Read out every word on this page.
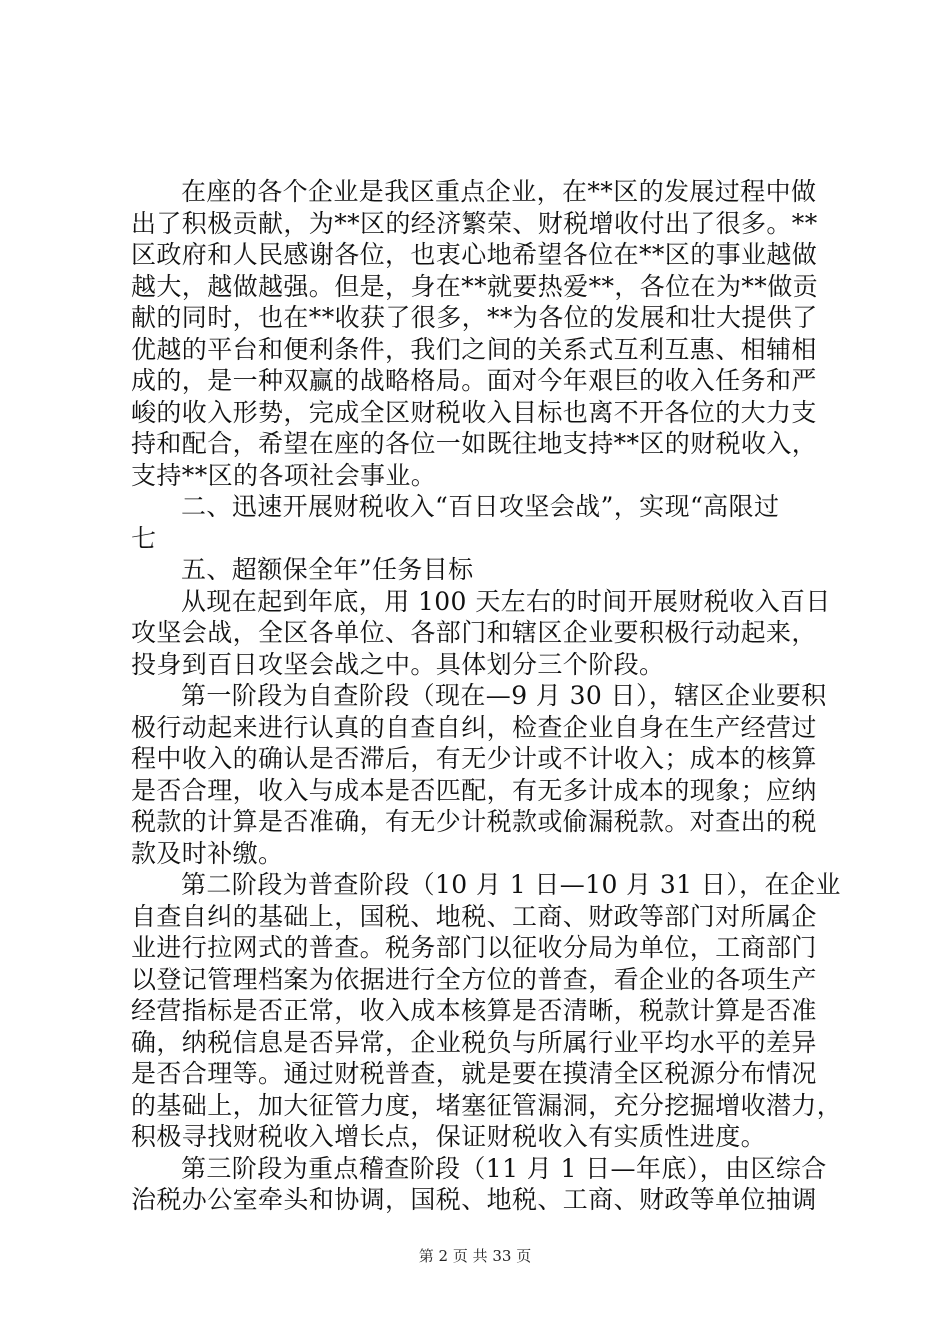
在座的各个企业是我区重点企业，在**区的发展过程中做
出了积极贡献，为**区的经济繁荣、财税增收付出了很多。**
区政府和人民感谢各位，也衷心地希望各位在**区的事业越做
越大，越做越强。但是，身在**就要热爱**，各位在为**做贡
献的同时，也在**收获了很多，**为各位的发展和壮大提供了
优越的平台和便利条件，我们之间的关系式互利互惠、相辅相
成的，是一种双赢的战略格局。面对今年艰巨的收入任务和严
峻的收入形势，完成全区财税收入目标也离不开各位的大力支
持和配合，希望在座的各位一如既往地支持**区的财税收入，
支持**区的各项社会事业。
二、迅速开展财税收入“百日攻坚会战”，实现“高限过
七
五、超额保全年”任务目标
从现在起到年底，用 100 天左右的时间开展财税收入百日
攻坚会战，全区各单位、各部门和辖区企业要积极行动起来，
投身到百日攻坚会战之中。具体划分三个阶段。
第一阶段为自查阶段（现在—9 月 30 日），辖区企业要积
极行动起来进行认真的自查自纠，检查企业自身在生产经营过
程中收入的确认是否滞后，有无少计或不计收入；成本的核算
是否合理，收入与成本是否匹配，有无多计成本的现象；应纳
税款的计算是否准确，有无少计税款或偷漏税款。对查出的税
款及时补缴。
第二阶段为普查阶段（10 月 1 日—10 月 31 日），在企业
自查自纠的基础上，国税、地税、工商、财政等部门对所属企
业进行拉网式的普查。税务部门以征收分局为单位，工商部门
以登记管理档案为依据进行全方位的普查，看企业的各项生产
经营指标是否正常，收入成本核算是否清晰，税款计算是否准
确，纳税信息是否异常，企业税负与所属行业平均水平的差异
是否合理等。通过财税普查，就是要在摸清全区税源分布情况
的基础上，加大征管力度，堵塞征管漏洞，充分挖掘增收潜力，
积极寻找财税收入增长点，保证财税收入有实质性进度。
第三阶段为重点稽查阶段（11 月 1 日—年底），由区综合
治税办公室牵头和协调，国税、地税、工商、财政等单位抽调
第 2 页 共 33 页
